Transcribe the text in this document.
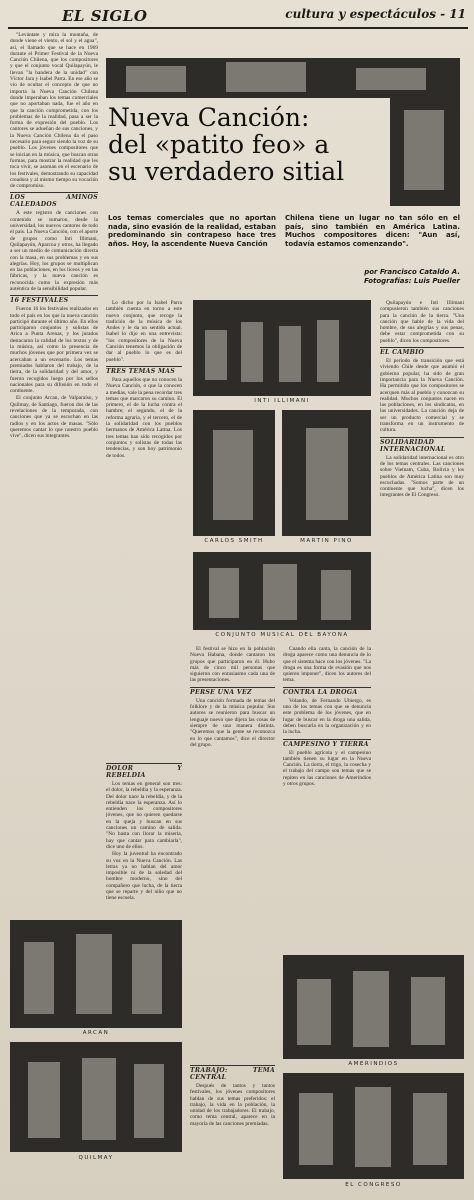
EL SIGLO	cultura y espectáculos - 11

"Levántate y mira la montaña, de donde viene el viento, el sol y el agua", así, el llamado que se hace en 1969 durante el Primer Festival de la Nueva Canción Chilena, que los compositores y que el conjunto vocal Quilapayún, le llevan "la bandera de la unidad" con Víctor Jara y Isabel Parra. En ese año se vio de ocultar el concepto de que no importa la Nueva Canción Chilena donde imperaban los temas comerciales que no aportaban nada, fue el año en que la canción comprometida, con los problemas de la realidad, pasa a ser la forma de expresión del pueblo. Los cantores se adueñan de sus canciones, y la Nueva Canción Chilena da el paso necesario para seguir siendo la voz de su pueblo. Los jóvenes compositores que se inician en la música, que buscan otras formas, para mostrar la realidad que les toca vivir, se asoman en el escenario de los festivales, demostrando su capacidad creadora y al mismo tiempo su vocación de compromiso.

LOS AMINOS CALEDADOS

A este registro de canciones con contenido se sumaron, desde la universidad, los nuevos cantores de todo el país. La Nueva Canción, con el aporte de grupos como Inti Illimani, Quilapayún, Aparcoa y otros, ha llegado a ser un medio de comunicación directa con la masa, en sus problemas y en sus alegrías. Hoy, los grupos se multiplican en las poblaciones, en los liceos y en las fábricas, y la nueva canción es reconocida como la expresión más auténtica de la sensibilidad popular.

16 FESTIVALES

Fueron 16 los festivales realizados en todo el país en los que la nueva canción participó durante el último año. En ellos participaron conjuntos y solistas de Arica a Punta Arenas, y los jurados destacaron la calidad de los textos y de la música, así como la presencia de muchos jóvenes que por primera vez se acercaban a un escenario. Los temas premiados hablaron del trabajo, de la tierra, de la solidaridad y del amor, y fueron recogidos luego por los sellos nacionales para su difusión en todo el continente.

El conjunto Arcan, de Valparaíso, y Quilmay, de Santiago, fueron dos de las revelaciones de la temporada, con canciones que ya se escuchan en las radios y en los actos de masas. "Sólo queremos cantar lo que nuestro pueblo vive", dicen sus integrantes.

Nueva Canción:
del «patito feo» a
su verdadero sitial
Los temas comerciales que no aportan nada, sino evasión de la realidad, estaban predominando sin contrapeso hace tres años. Hoy, la ascendente Nueva Canción
Chilena tiene un lugar no tan sólo en el país, sino también en América Latina. Muchos compositores dicen: "Aun así, todavía estamos comenzando".
por Francisco Cataldo A.
Fotografías: Luis Pueller

Lo dicho por la Isabel Parra también cuenta en torno a este nuevo conjunto, que recoge la tradición de la música de los Andes y le da un sentido actual. Isabel lo dijo en una entrevista: "los compositores de la Nueva Canción tenemos la obligación de dar al pueblo lo que es del pueblo".

TRES TEMAS MAS

Para aquellos que no conocen la Nueva Canción, o que la conocen a medias, vale la pena recordar tres temas que marcaron su camino. El primero, el de la lucha contra el hambre; el segundo, el de la reforma agraria, y el tercero, el de la solidaridad con los pueblos hermanos de América Latina. Los tres temas han sido recogidos por conjuntos y solistas de todas las tendencias, y son hoy patrimonio de todos.

DOLOR Y REBELDIA

Los temas en general son tres: el dolor, la rebeldía y la esperanza. Del dolor nace la rebeldía, y de la rebeldía nace la esperanza. Así lo entienden los compositores jóvenes, que no quieren quedarse en la queja y buscan en sus canciones un camino de salida. "No basta con llorar la miseria, hay que cantar para cambiarla", dice uno de ellos.

Hoy la juventud ha encontrado su voz en la Nueva Canción. Las letras ya no hablan del amor imposible ni de la soledad del hombre moderno, sino del compañero que lucha, de la tierra que se reparte y del niño que no tiene escuela.

INTI ILLIMANI
CARLOS SMITH	MARTIN PINO
CONJUNTO MUSICAL DEL BAYONA

El festival se hizo en la población Nueva Habana, donde cantaron los grupos que participaron en él. Hubo más de cinco mil personas que siguieron con entusiasmo cada una de las presentaciones.

PERSE UNA VEZ

Una canción formada de temas del folklore y de la música popular. Sus autores se reunieron para buscar un lenguaje nuevo que dijera las cosas de siempre de una manera distinta. "Queremos que la gente se reconozca en lo que cantamos", dice el director del grupo.

TRABAJO: TEMA CENTRAL

Después de tantos y tantos festivales, los jóvenes compositores hablan de sus temas preferidos: el trabajo, la vida en la población, la unidad de los trabajadores. El trabajo, como tema central, aparece en la mayoría de las canciones premiadas.

Cuando ella canta, la canción de la droga aparece como una denuncia de lo que el sistema hace con los jóvenes. "La droga es una forma de evasión que nos quieren imponer", dicen los autores del tema.

CONTRA LA DROGA

Volando, de Fernando Ubiergo, es uno de los temas con que se denuncia este problema de los jóvenes, que en lugar de buscar en la droga una salida, deben buscarla en la organización y en la lucha.

CAMPESINO Y TIERRA

El pueblo agrícola y el campesino también tienen su lugar en la Nueva Canción. La tierra, el trigo, la cosecha y el trabajo del campo son temas que se repiten en las canciones de Amerindios y otros grupos.

Quilapayún e Inti Illimani compusieron también sus canciones para la canción de la tierra. "Una canción que hable de la vida del hombre, de sus alegrías y sus penas, debe estar comprometida con su pueblo", dicen los compositores.

EL CAMBIO

El período de transición que está viviendo Chile desde que asumió el gobierno popular, ha sido de gran importancia para la Nueva Canción. Ha permitido que los compositores se acerquen más al pueblo y conozcan su realidad. Muchos conjuntos nacen en las poblaciones, en los sindicatos, en las universidades. La canción deja de ser un producto comercial y se transforma en un instrumento de cultura.

SOLIDARIDAD INTERNACIONAL

La solidaridad internacional es otro de los temas centrales. Las canciones sobre Vietnam, Cuba, Bolivia y los pueblos de América Latina son muy escuchadas. "Somos parte de un continente que lucha", dicen los integrantes de El Congreso.

ARCAN
QUILMAY
AMERINDIOS
EL CONGRESO
